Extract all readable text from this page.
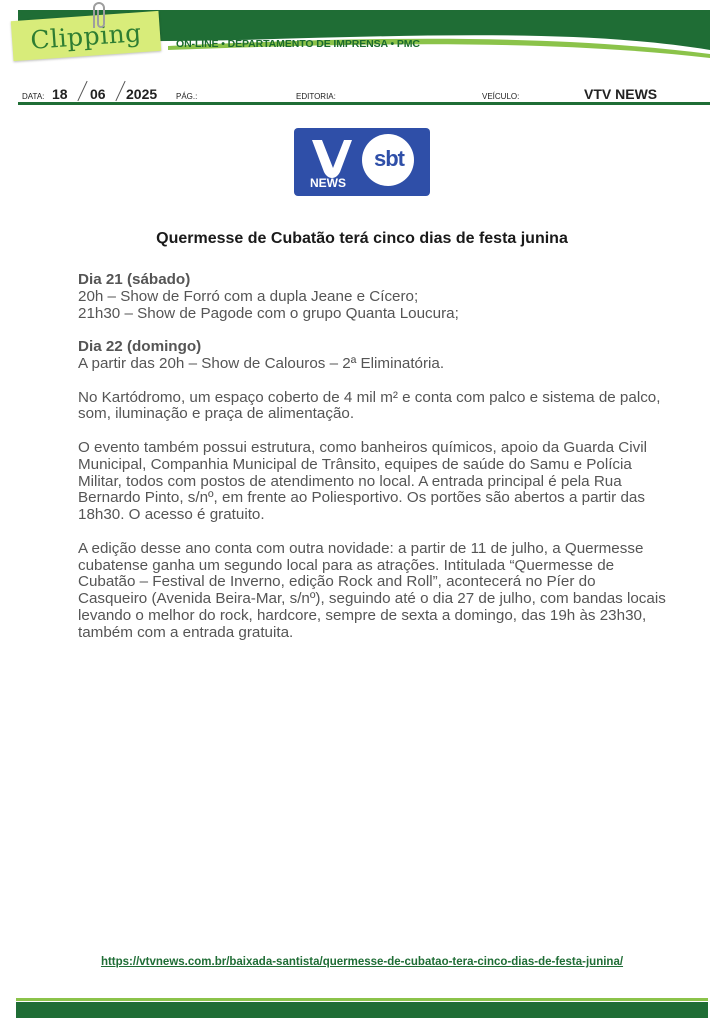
Clipping	ON-LINE • DEPARTAMENTO DE IMPRENSA • PMC
DATA: 18 06 2025 PÁG.:	EDITORIA:	VEÍCULO:	VTV NEWS
NEWS
sbt
Quermesse de Cubatão terá cinco dias de festa junina

Dia 21 (sábado)
20h – Show de Forró com a dupla Jeane e Cícero;
21h30 – Show de Pagode com o grupo Quanta Loucura;

Dia 22 (domingo)
A partir das 20h – Show de Calouros – 2ª Eliminatória.

No Kartódromo, um espaço coberto de 4 mil m² e conta com palco e sistema de palco, som, iluminação e praça de alimentação.

O evento também possui estrutura, como banheiros químicos, apoio da Guarda Civil Municipal, Companhia Municipal de Trânsito, equipes de saúde do Samu e Polícia Militar, todos com postos de atendimento no local. A entrada principal é pela Rua Bernardo Pinto, s/nº, em frente ao Poliesportivo. Os portões são abertos a partir das 18h30. O acesso é gratuito.

A edição desse ano conta com outra novidade: a partir de 11 de julho, a Quermesse cubatense ganha um segundo local para as atrações. Intitulada “Quermesse de Cubatão – Festival de Inverno, edição Rock and Roll”, acontecerá no Píer do Casqueiro (Avenida Beira-Mar, s/nº), seguindo até o dia 27 de julho, com bandas locais levando o melhor do rock, hardcore, sempre de sexta a domingo, das 19h às 23h30, também com a entrada gratuita.

https://vtvnews.com.br/baixada-santista/quermesse-de-cubatao-tera-cinco-dias-de-festa-junina/
